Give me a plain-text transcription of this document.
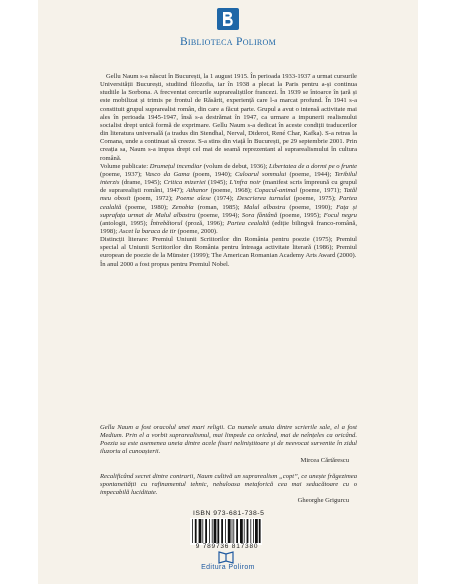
Biblioteca Polirom

Gellu Naum s-a născut în București, la 1 august 1915. În perioada 1933-1937 a urmat cursurile Universității București, studiind filozofia, iar în 1938 a plecat la Paris pentru a-și continua studiile la Sorbona. A frecventat cercurile suprarealiștilor francezi. În 1939 se întoarce în țară și este mobilizat și trimis pe frontul de Răsărit, experiență care l-a marcat profund. În 1941 s-a constituit grupul suprarealist român, din care a făcut parte. Grupul a avut o intensă activitate mai ales în perioada 1945-1947, însă s-a destrămat în 1947, ca urmare a impunerii realismului socialist drept unică formă de exprimare. Gellu Naum s-a dedicat în aceste condiții traducerilor din literatura universală (a tradus din Stendhal, Nerval, Diderot, René Char, Kafka). S-a retras la Comana, unde a continuat să creeze. S-a stins din viață în București, pe 29 septembrie 2001. Prin creația sa, Naum s-a impus drept cel mai de seamă reprezentant al suprarealismului în cultura română.

Volume publicate: Drumețul incendiar (volum de debut, 1936); Libertatea de a dormi pe o frunte (poeme, 1937); Vasco da Gama (poem, 1940); Culoarul somnului (poeme, 1944); Teribilul interzis (drame, 1945); Critica mizeriei (1945); L'infra noir (manifest scris împreună cu grupul de suprarealiști români, 1947); Athanor (poeme, 1968); Copacul-animal (poeme, 1971); Tatăl meu obosit (poem, 1972); Poeme alese (1974); Descrierea turnului (poeme, 1975); Partea cealaltă (poeme, 1980); Zenobia (roman, 1985); Malul albastru (poeme, 1990); Fața și suprafața urmat de Malul albastru (poeme, 1994); Sora fântână (poeme, 1995); Focul negru (antologii, 1995); Întrebătorul (proză, 1996); Partea cealaltă (ediție bilingvă franco-română, 1998); Ascet la baraca de tir (poeme, 2000).

Distincții literare: Premiul Uniunii Scriitorilor din România pentru poezie (1975); Premiul special al Uniunii Scriitorilor din România pentru întreaga activitate literară (1986); Premiul european de poezie de la Münster (1999); The American Romanian Academy Arts Award (2000).

În anul 2000 a fost propus pentru Premiul Nobel.

Gellu Naum a fost oracolul unei mari religii. Ca numele unuia dintre scrierile sale, el a fost Medium. Prin el a vorbit suprarealismul, mai limpede ca oricând, mai de neînțeles ca oricând. Poezia sa este asemenea uneia dintre acele fisuri neliniștitoare și de neevocat survenite în zidul iluzoriu al cunoașterii.

Mircea Cărtărescu

Recalificând secret dintre contrarii, Naum cultivă un suprarealism „copt”, ce unește frăgezimea spontaneității cu rafinamentul tehnic, nebuloasa metaforică cea mai seducătoare cu o impecabilă luciditate.

Gheorghe Grigurcu

ISBN 973-681-738-5
9 789736 817380
Editura Polirom
